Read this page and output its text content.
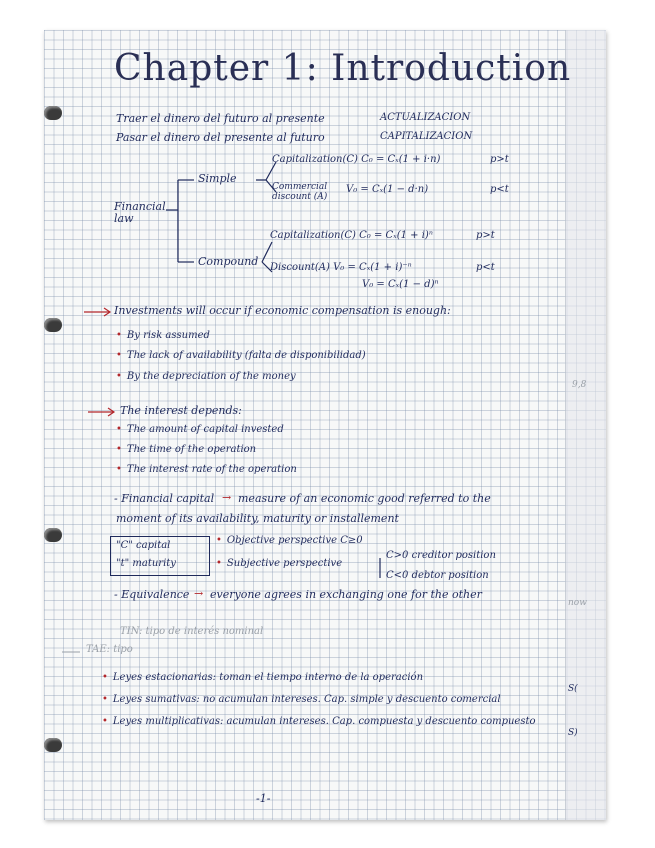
Chapter 1: Introduction
Traer el dinero del futuro al presente	ACTUALIZACION
Pasar el dinero del presente al futuro	CAPITALIZACION
Financial law
Simple
Compound
Capitalization(C) C₀ = Cₓ(1 + i·n)	p>t
Commercial discount (A)
V₀ = Cₓ(1 − d·n)	p<t
Capitalization(C) C₀ = Cₓ(1 + i)ⁿ	p>t
Discount(A) V₀ = Cₓ(1 + i)⁻ⁿ	p<t
V₀ = Cₓ(1 − d)ⁿ
Investments will occur if economic compensation is enough:
• By risk assumed
• The lack of availability (falta de disponibilidad)
• By the depreciation of the money
The interest depends:
• The amount of capital invested
• The time of the operation
• The interest rate of the operation
- Financial capital → measure of an economic good referred to the
moment of its availability, maturity or installement
"C" capital
"t" maturity
• Objective perspective C≥0
• Subjective perspective
C>0 creditor position
C<0 debtor position
- Equivalence → everyone agrees in exchanging one for the other
TIN: tipo de interés nominal
TAE: tipo
9,8
now
S(
S)
• Leyes estacionarias: toman el tiempo interno de la operación
• Leyes sumativas: no acumulan intereses. Cap. simple y descuento comercial
• Leyes multiplicativas: acumulan intereses. Cap. compuesta y descuento compuesto
-1-
